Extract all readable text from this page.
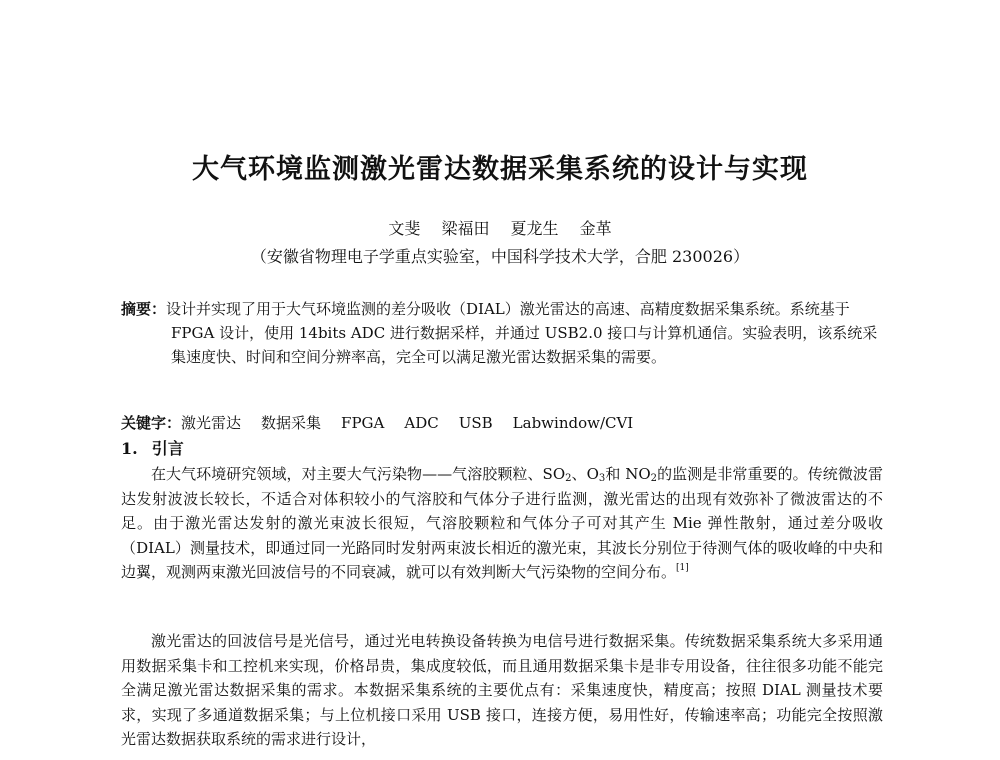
大气环境监测激光雷达数据采集系统的设计与实现
文斐 梁福田 夏龙生 金革
（安徽省物理电子学重点实验室，中国科学技术大学，合肥 230026）
摘要：设计并实现了用于大气环境监测的差分吸收（DIAL）激光雷达的高速、高精度数据采集系统。系统基于 FPGA 设计，使用 14bits ADC 进行数据采样，并通过 USB2.0 接口与计算机通信。实验表明，该系统采集速度快、时间和空间分辨率高，完全可以满足激光雷达数据采集的需要。
关键字：激光雷达 数据采集 FPGA ADC USB Labwindow/CVI
1. 引言
在大气环境研究领域，对主要大气污染物——气溶胶颗粒、$SO_2$、$O_3$和 $NO_2$的监测是非常重要的。传统微波雷达发射波波长较长，不适合对体积较小的气溶胶和气体分子进行监测，激光雷达的出现有效弥补了微波雷达的不足。由于激光雷达发射的激光束波长很短，气溶胶颗粒和气体分子可对其产生 Mie 弹性散射，通过差分吸收（DIAL）测量技术，即通过同一光路同时发射两束波长相近的激光束，其波长分别位于待测气体的吸收峰的中央和边翼，观测两束激光回波信号的不同衰减，就可以有效判断大气污染物的空间分布。[1]
激光雷达的回波信号是光信号，通过光电转换设备转换为电信号进行数据采集。传统数据采集系统大多采用通用数据采集卡和工控机来实现，价格昂贵，集成度较低，而且通用数据采集卡是非专用设备，往往很多功能不能完全满足激光雷达数据采集的需求。本数据采集系统的主要优点有：采集速度快，精度高；按照 DIAL 测量技术要求，实现了多通道数据采集；与上位机接口采用 USB 接口，连接方便，易用性好，传输速率高；功能完全按照激光雷达数据获取系统的需求进行设计，
